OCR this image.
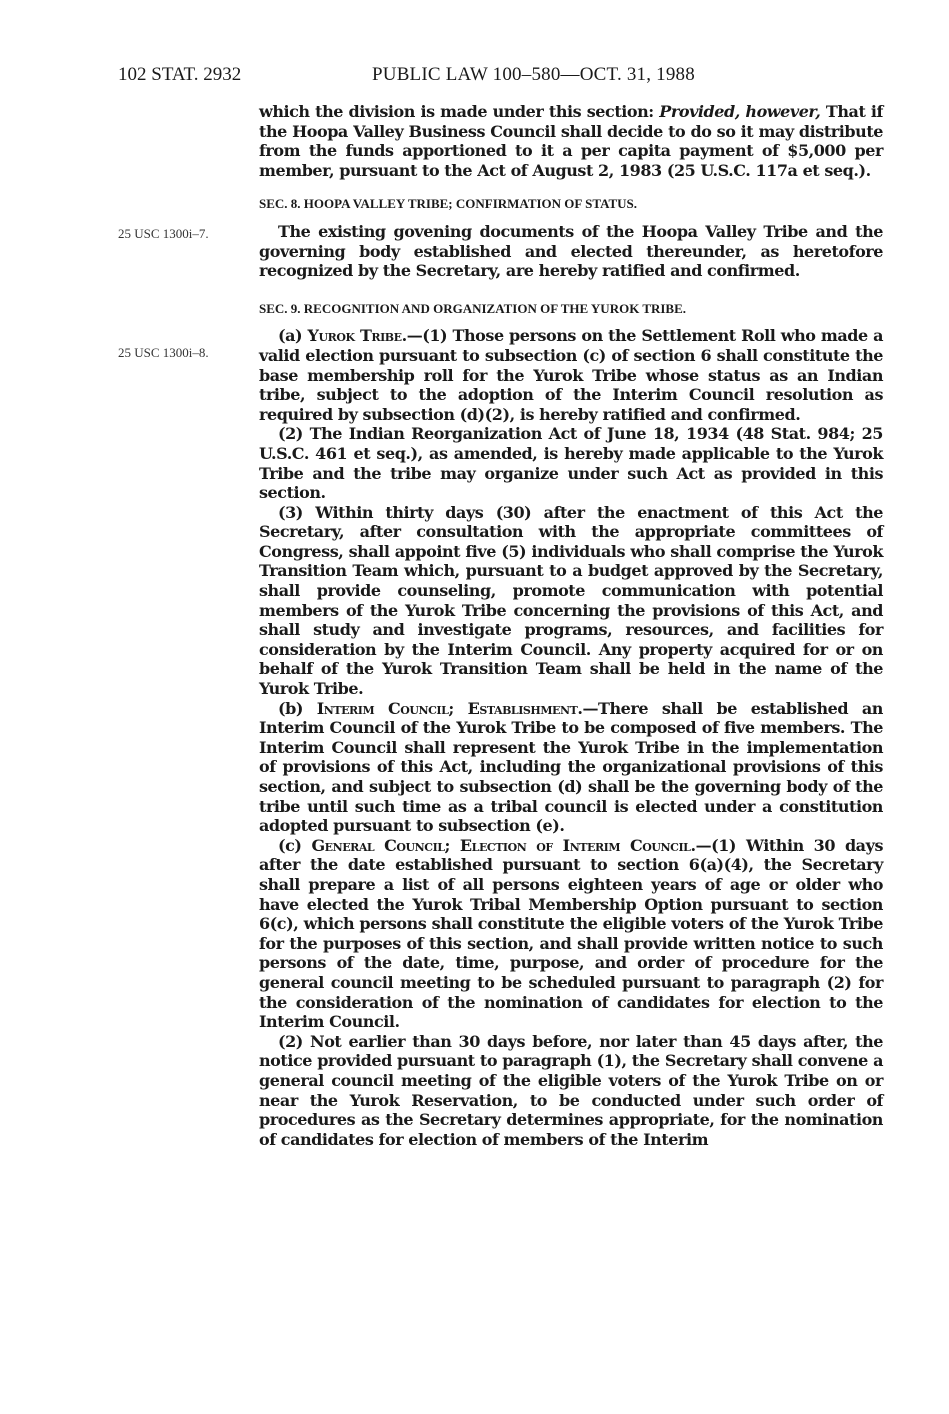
102 STAT. 2932	PUBLIC LAW 100–580—OCT. 31, 1988
25 USC 1300i–7.
25 USC 1300i–8.

which the division is made under this section: Provided, however, That if the Hoopa Valley Business Council shall decide to do so it may distribute from the funds apportioned to it a per capita payment of $5,000 per member, pursuant to the Act of August 2, 1983 (25 U.S.C. 117a et seq.).

SEC. 8. HOOPA VALLEY TRIBE; CONFIRMATION OF STATUS.

The existing govening documents of the Hoopa Valley Tribe and the governing body established and elected thereunder, as heretofore recognized by the Secretary, are hereby ratified and confirmed.

SEC. 9. RECOGNITION AND ORGANIZATION OF THE YUROK TRIBE.

(a) Yurok Tribe.—(1) Those persons on the Settlement Roll who made a valid election pursuant to subsection (c) of section 6 shall constitute the base membership roll for the Yurok Tribe whose status as an Indian tribe, subject to the adoption of the Interim Council resolution as required by subsection (d)(2), is hereby ratified and confirmed.

(2) The Indian Reorganization Act of June 18, 1934 (48 Stat. 984; 25 U.S.C. 461 et seq.), as amended, is hereby made applicable to the Yurok Tribe and the tribe may organize under such Act as provided in this section.

(3) Within thirty days (30) after the enactment of this Act the Secretary, after consultation with the appropriate committees of Congress, shall appoint five (5) individuals who shall comprise the Yurok Transition Team which, pursuant to a budget approved by the Secretary, shall provide counseling, promote communication with potential members of the Yurok Tribe concerning the provisions of this Act, and shall study and investigate programs, resources, and facilities for consideration by the Interim Council. Any property acquired for or on behalf of the Yurok Transition Team shall be held in the name of the Yurok Tribe.

(b) Interim Council; Establishment.—There shall be established an Interim Council of the Yurok Tribe to be composed of five members. The Interim Council shall represent the Yurok Tribe in the implementation of provisions of this Act, including the organizational provisions of this section, and subject to subsection (d) shall be the governing body of the tribe until such time as a tribal council is elected under a constitution adopted pursuant to subsection (e).

(c) General Council; Election of Interim Council.—(1) Within 30 days after the date established pursuant to section 6(a)(4), the Secretary shall prepare a list of all persons eighteen years of age or older who have elected the Yurok Tribal Membership Option pursuant to section 6(c), which persons shall constitute the eligible voters of the Yurok Tribe for the purposes of this section, and shall provide written notice to such persons of the date, time, purpose, and order of procedure for the general council meeting to be scheduled pursuant to paragraph (2) for the consideration of the nomination of candidates for election to the Interim Council.

(2) Not earlier than 30 days before, nor later than 45 days after, the notice provided pursuant to paragraph (1), the Secretary shall convene a general council meeting of the eligible voters of the Yurok Tribe on or near the Yurok Reservation, to be conducted under such order of procedures as the Secretary determines appropriate, for the nomination of candidates for election of members of the Interim
